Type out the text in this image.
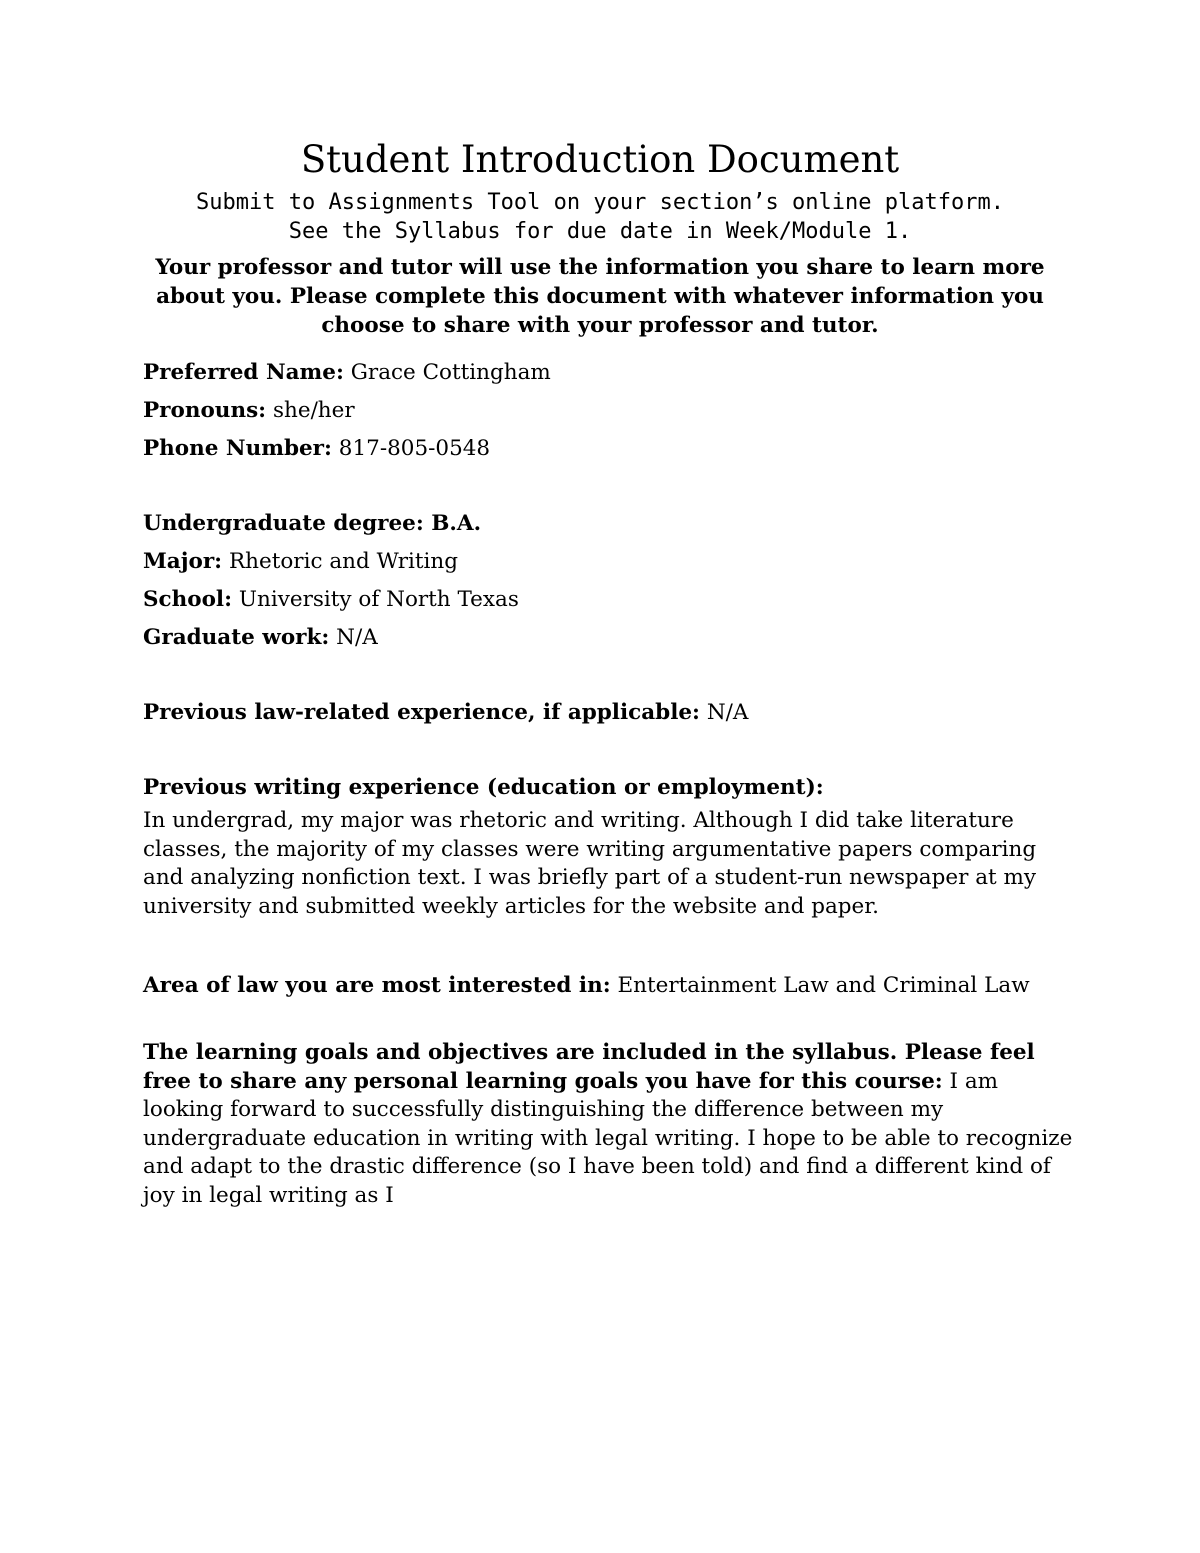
Student Introduction Document

Submit to Assignments Tool on your section’s online platform.

See the Syllabus for due date in Week/Module 1.

Your professor and tutor will use the information you share to learn more about you. Please complete this document with whatever information you choose to share with your professor and tutor.

Preferred Name: Grace Cottingham

Pronouns: she/her

Phone Number: 817-805-0548

Undergraduate degree: B.A.

Major: Rhetoric and Writing

School: University of North Texas

Graduate work: N/A

Previous law-related experience, if applicable: N/A

Previous writing experience (education or employment):

In undergrad, my major was rhetoric and writing. Although I did take literature classes, the majority of my classes were writing argumentative papers comparing and analyzing nonfiction text. I was briefly part of a student-run newspaper at my university and submitted weekly articles for the website and paper.

Area of law you are most interested in: Entertainment Law and Criminal Law

The learning goals and objectives are included in the syllabus. Please feel free to share any personal learning goals you have for this course: I am looking forward to successfully distinguishing the difference between my undergraduate education in writing with legal writing. I hope to be able to recognize and adapt to the drastic difference (so I have been told) and find a different kind of joy in legal writing as I
